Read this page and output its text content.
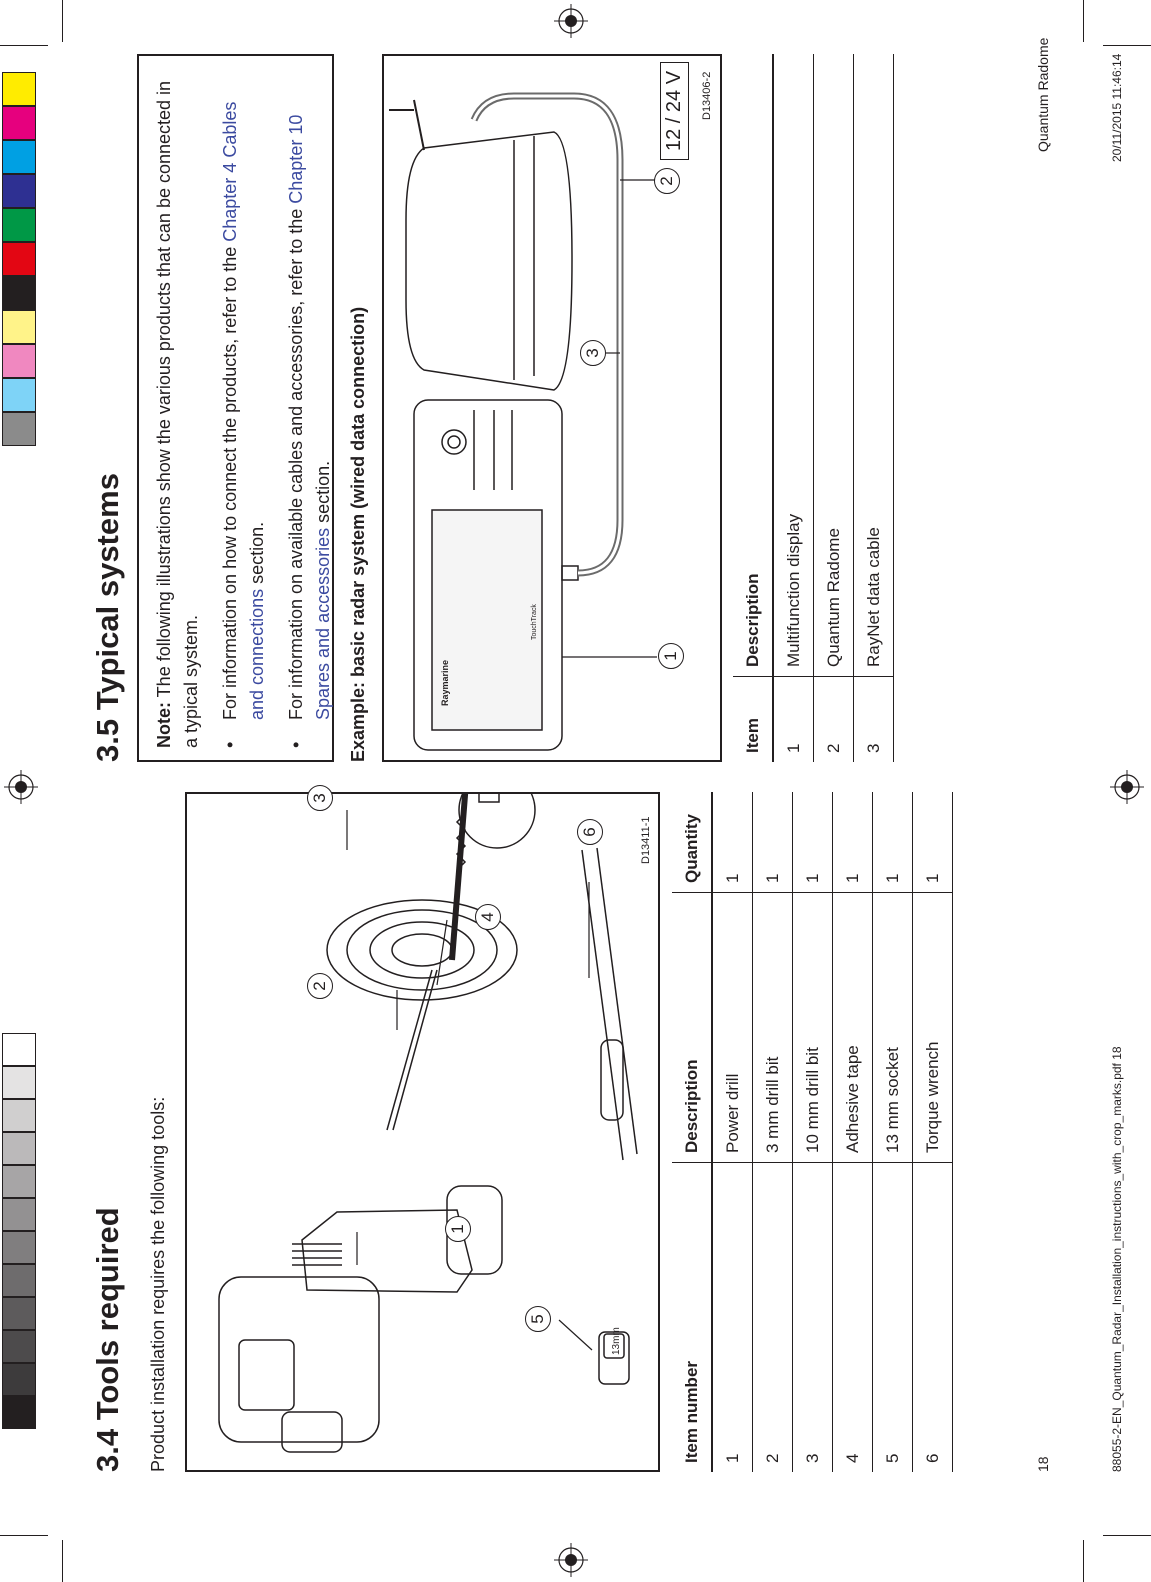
3.4 Tools required Product installation requires the following tools:	13mm
D13411-1
1
2
3
4
5
6
Item number	Description	Quantity
1	Power drill	1
2	3 mm drill bit	1
3	10 mm drill bit	1
4	Adhesive tape	1
5	13 mm socket	1
6	Torque wrench	1
3.5 Typical systems Note: The following illustrations show the various products that can be connected in a typical system. •
For information on how to connect the products, refer to the Chapter 4 Cables and connections section.
•
For information on available cables and accessories, refer to the Chapter 10 Spares and accessories section. Example: basic radar system (wired data connection)	Raymarine
TouchTrack
D13406-2
1
2
3
12 / 24 V
Item	Description
1	Multifunction display
2	Quantum Radome
3	RayNet data cable
18
Quantum Radome
88055-2-EN_Quantum_Radar_Installation_instructions_with_crop_marks.pdf 18
20/11/2015 11:46:14
